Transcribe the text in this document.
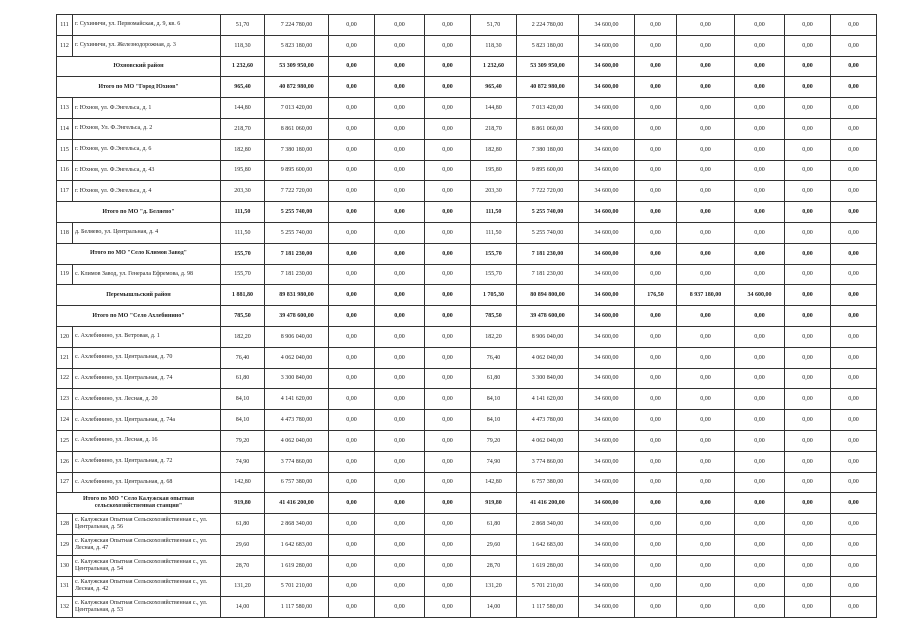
111	г. Сухиничи, ул. Первомайская, д. 9, кв. 6	51,70	7 224 780,00	0,00	0,00	0,00	51,70	2 224 780,00	34 600,00	0,00	0,00	0,00	0,00	0,00
112	г. Сухиничи, ул. Железнодорожная, д. 3	118,30	5 823 180,00	0,00	0,00	0,00	118,30	5 823 180,00	34 600,00	0,00	0,00	0,00	0,00	0,00
Юхновский район		1 232,60	53 309 950,00	0,00	0,00	0,00	1 232,60	53 309 950,00	34 600,00	0,00	0,00	0,00	0,00	0,00
Итого по МО "Город Юхнов"		965,40	40 872 980,00	0,00	0,00	0,00	965,40	40 872 980,00	34 600,00	0,00	0,00	0,00	0,00	0,00
113	г. Юхнов, ул. Ф.Энгельса, д. 1	144,80	7 013 420,00	0,00	0,00	0,00	144,80	7 013 420,00	34 600,00	0,00	0,00	0,00	0,00	0,00
114	г. Юхнов, Ул. Ф.Энгельса, д. 2	218,70	8 861 060,00	0,00	0,00	0,00	218,70	8 861 060,00	34 600,00	0,00	0,00	0,00	0,00	0,00
115	г. Юхнов, ул. Ф.Энгельса, д. 6	182,80	7 380 180,00	0,00	0,00	0,00	182,80	7 380 180,00	34 600,00	0,00	0,00	0,00	0,00	0,00
116	г. Юхнов, ул. Ф.Энгельса, д. 43	195,80	9 895 600,00	0,00	0,00	0,00	195,80	9 895 600,00	34 600,00	0,00	0,00	0,00	0,00	0,00
117	г. Юхнов, ул. Ф.Энгельса, д. 4	203,30	7 722 720,00	0,00	0,00	0,00	203,30	7 722 720,00	34 600,00	0,00	0,00	0,00	0,00	0,00
Итого по МО "д. Беляево"		111,50	5 255 740,00	0,00	0,00	0,00	111,50	5 255 740,00	34 600,00	0,00	0,00	0,00	0,00	0,00
118	д. Беляево, ул. Центральная, д. 4	111,50	5 255 740,00	0,00	0,00	0,00	111,50	5 255 740,00	34 600,00	0,00	0,00	0,00	0,00	0,00
Итого по МО "Село Климов Завод"		155,70	7 181 230,00	0,00	0,00	0,00	155,70	7 181 230,00	34 600,00	0,00	0,00	0,00	0,00	0,00
119	с. Климов Завод, ул. Генерала Ефремова, д. 98	155,70	7 181 230,00	0,00	0,00	0,00	155,70	7 181 230,00	34 600,00	0,00	0,00	0,00	0,00	0,00
Перемышльский район		1 881,80	89 831 980,00	0,00	0,00	0,00	1 705,30	80 894 800,00	34 600,00	176,50	8 937 180,00	34 600,00	0,00	0,00
Итого по МО "Село Ахлебинино"		785,50	39 478 600,00	0,00	0,00	0,00	785,50	39 478 600,00	34 600,00	0,00	0,00	0,00	0,00	0,00
120	с. Ахлебинино, ул. Ветровая, д. 1	182,20	8 906 040,00	0,00	0,00	0,00	182,20	8 906 040,00	34 600,00	0,00	0,00	0,00	0,00	0,00
121	с. Ахлебинино, ул. Центральная, д. 70	76,40	4 062 040,00	0,00	0,00	0,00	76,40	4 062 040,00	34 600,00	0,00	0,00	0,00	0,00	0,00
122	с. Ахлебинино, ул. Центральная, д. 74	61,80	3 300 840,00	0,00	0,00	0,00	61,80	3 300 840,00	34 600,00	0,00	0,00	0,00	0,00	0,00
123	с. Ахлебинино, ул. Лесная, д. 20	84,10	4 141 620,00	0,00	0,00	0,00	84,10	4 141 620,00	34 600,00	0,00	0,00	0,00	0,00	0,00
124	с. Ахлебинино, ул. Центральная, д. 74а	84,10	4 473 780,00	0,00	0,00	0,00	84,10	4 473 780,00	34 600,00	0,00	0,00	0,00	0,00	0,00
125	с. Ахлебинино, ул. Лесная, д. 16	79,20	4 062 040,00	0,00	0,00	0,00	79,20	4 062 040,00	34 600,00	0,00	0,00	0,00	0,00	0,00
126	с. Ахлебинино, ул. Центральная, д. 72	74,90	3 774 860,00	0,00	0,00	0,00	74,90	3 774 860,00	34 600,00	0,00	0,00	0,00	0,00	0,00
127	с. Ахлебинино, ул. Центральная, д. 68	142,80	6 757 380,00	0,00	0,00	0,00	142,80	6 757 380,00	34 600,00	0,00	0,00	0,00	0,00	0,00
Итого по МО "Село Калужская опытная сельскохозяйственная станция"		919,80	41 416 200,00	0,00	0,00	0,00	919,80	41 416 200,00	34 600,00	0,00	0,00	0,00	0,00	0,00
128	с. Калужская Опытная Сельскохозяйственная с., ул. Центральная, д. 56	61,80	2 868 340,00	0,00	0,00	0,00	61,80	2 868 340,00	34 600,00	0,00	0,00	0,00	0,00	0,00
129	с. Калужская Опытная Сельскохозяйственная с., ул. Лесная, д. 47	29,60	1 642 683,00	0,00	0,00	0,00	29,60	1 642 683,00	34 600,00	0,00	0,00	0,00	0,00	0,00
130	с. Калужская Опытная Сельскохозяйственная с., ул. Центральная, д. 54	28,70	1 619 280,00	0,00	0,00	0,00	28,70	1 619 280,00	34 600,00	0,00	0,00	0,00	0,00	0,00
131	с. Калужская Опытная Сельскохозяйственная с., ул. Лесная, д. 42	131,20	5 701 210,00	0,00	0,00	0,00	131,20	5 701 210,00	34 600,00	0,00	0,00	0,00	0,00	0,00
132	с. Калужская Опытная Сельскохозяйственная с., ул. Центральная, д. 53	14,00	1 117 580,00	0,00	0,00	0,00	14,00	1 117 580,00	34 600,00	0,00	0,00	0,00	0,00	0,00
